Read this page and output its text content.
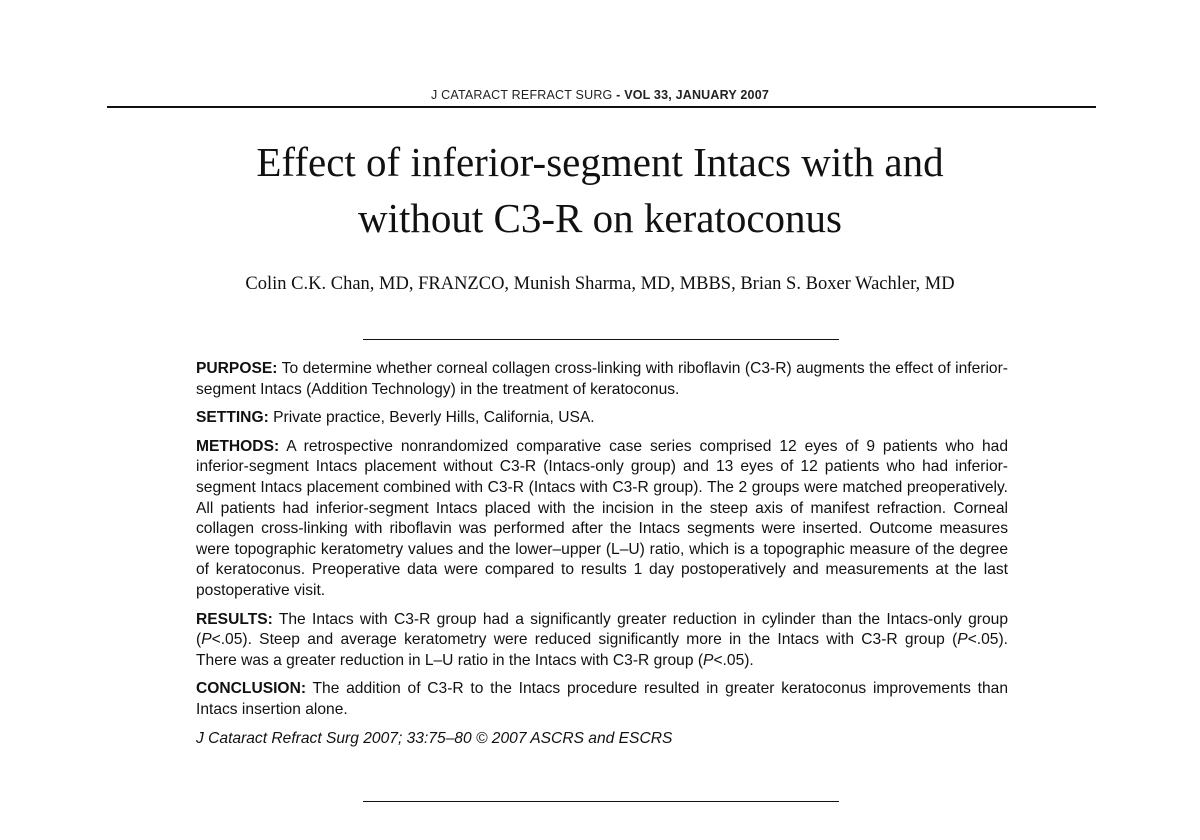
J CATARACT REFRACT SURG - VOL 33, JANUARY 2007
Effect of inferior-segment Intacs with and
without C3-R on keratoconus
Colin C.K. Chan, MD, FRANZCO, Munish Sharma, MD, MBBS, Brian S. Boxer Wachler, MD

PURPOSE: To determine whether corneal collagen cross-linking with riboflavin (C3-R) augments the effect of inferior-segment Intacs (Addition Technology) in the treatment of keratoconus.

SETTING: Private practice, Beverly Hills, California, USA.

METHODS: A retrospective nonrandomized comparative case series comprised 12 eyes of 9 patients who had inferior-segment Intacs placement without C3-R (Intacs-only group) and 13 eyes of 12 patients who had inferior-segment Intacs placement combined with C3-R (Intacs with C3-R group). The 2 groups were matched preoperatively. All patients had inferior-segment Intacs placed with the incision in the steep axis of manifest refraction. Corneal collagen cross-linking with riboflavin was performed after the Intacs segments were inserted. Outcome measures were topographic keratometry values and the lower–upper (L–U) ratio, which is a topographic measure of the degree of keratoconus. Preoperative data were compared to results 1 day postoperatively and measurements at the last postoperative visit.

RESULTS: The Intacs with C3-R group had a significantly greater reduction in cylinder than the Intacs-only group (P<.05). Steep and average keratometry were reduced significantly more in the Intacs with C3-R group (P<.05). There was a greater reduction in L–U ratio in the Intacs with C3-R group (P<.05).

CONCLUSION: The addition of C3-R to the Intacs procedure resulted in greater keratoconus improvements than Intacs insertion alone.

J Cataract Refract Surg 2007; 33:75–80 © 2007 ASCRS and ESCRS
